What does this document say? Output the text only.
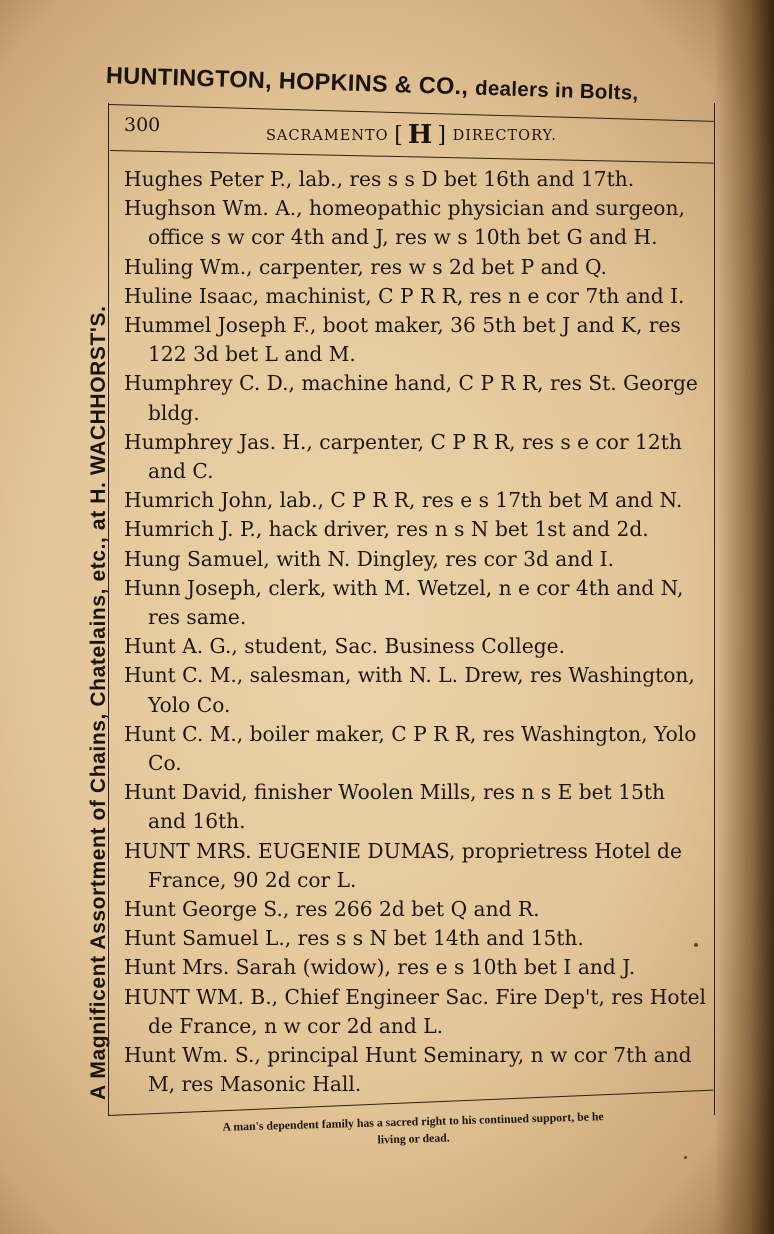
HUNTINGTON, HOPKINS & CO., dealers in Bolts,
A Magnificent Assortment of Chains, Chatelains, etc., at H. WACHHORST'S.
300	SACRAMENTO [ H ] DIRECTORY.
Hughes Peter P., lab., res s s D bet 16th and 17th.
Hughson Wm. A., homeopathic physician and surgeon, office s w cor 4th and J, res w s 10th bet G and H.
Huling Wm., carpenter, res w s 2d bet P and Q.
Huline Isaac, machinist, C P R R, res n e cor 7th and I.
Hummel Joseph F., boot maker, 36 5th bet J and K, res 122 3d bet L and M.
Humphrey C. D., machine hand, C P R R, res St. George bldg.
Humphrey Jas. H., carpenter, C P R R, res s e cor 12th and C.
Humrich John, lab., C P R R, res e s 17th bet M and N.
Humrich J. P., hack driver, res n s N bet 1st and 2d.
Hung Samuel, with N. Dingley, res cor 3d and I.
Hunn Joseph, clerk, with M. Wetzel, n e cor 4th and N, res same.
Hunt A. G., student, Sac. Business College.
Hunt C. M., salesman, with N. L. Drew, res Washington, Yolo Co.
Hunt C. M., boiler maker, C P R R, res Washington, Yolo Co.
Hunt David, finisher Woolen Mills, res n s E bet 15th and 16th.
HUNT MRS. EUGENIE DUMAS, proprietress Hotel de France, 90 2d cor L.
Hunt George S., res 266 2d bet Q and R.
Hunt Samuel L., res s s N bet 14th and 15th.
Hunt Mrs. Sarah (widow), res e s 10th bet I and J.
HUNT WM. B., Chief Engineer Sac. Fire Dep't, res Hotel de France, n w cor 2d and L.
Hunt Wm. S., principal Hunt Seminary, n w cor 7th and M, res Masonic Hall.
A man's dependent family has a sacred right to his continued support, be he
living or dead.
